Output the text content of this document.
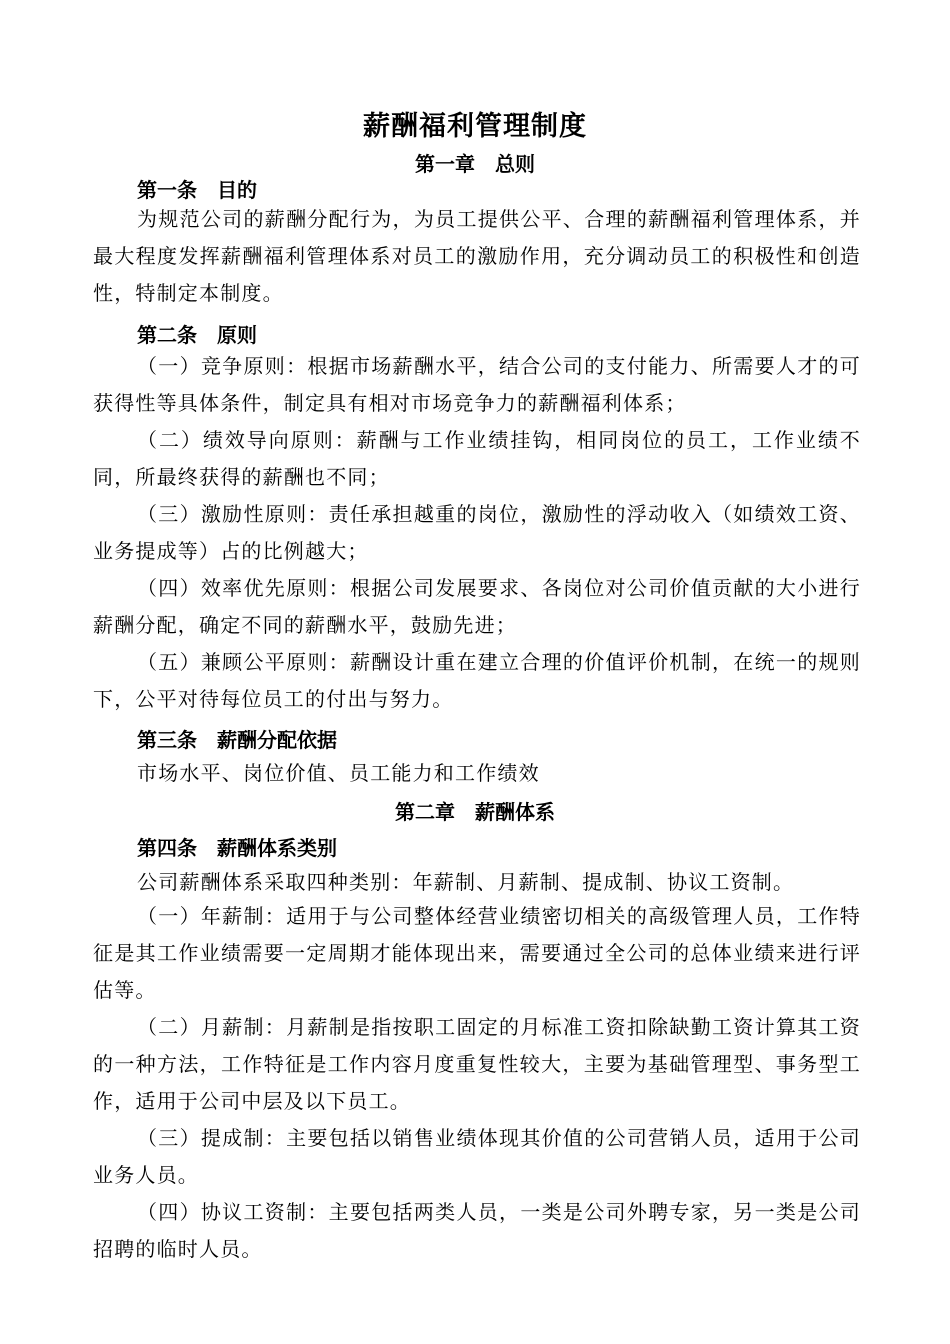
薪酬福利管理制度
第一章　总则
第一条　目的
为规范公司的薪酬分配行为，为员工提供公平、合理的薪酬福利管理体系，并最大程度发挥薪酬福利管理体系对员工的激励作用，充分调动员工的积极性和创造性，特制定本制度。
第二条　原则
（一）竞争原则：根据市场薪酬水平，结合公司的支付能力、所需要人才的可获得性等具体条件，制定具有相对市场竞争力的薪酬福利体系；
（二）绩效导向原则：薪酬与工作业绩挂钩，相同岗位的员工，工作业绩不同，所最终获得的薪酬也不同；
（三）激励性原则：责任承担越重的岗位，激励性的浮动收入（如绩效工资、业务提成等）占的比例越大；
（四）效率优先原则：根据公司发展要求、各岗位对公司价值贡献的大小进行薪酬分配，确定不同的薪酬水平，鼓励先进；
（五）兼顾公平原则：薪酬设计重在建立合理的价值评价机制，在统一的规则下，公平对待每位员工的付出与努力。
第三条　薪酬分配依据
市场水平、岗位价值、员工能力和工作绩效
第二章　薪酬体系
第四条　薪酬体系类别
公司薪酬体系采取四种类别：年薪制、月薪制、提成制、协议工资制。
（一）年薪制：适用于与公司整体经营业绩密切相关的高级管理人员，工作特征是其工作业绩需要一定周期才能体现出来，需要通过全公司的总体业绩来进行评估等。
（二）月薪制：月薪制是指按职工固定的月标准工资扣除缺勤工资计算其工资的一种方法，工作特征是工作内容月度重复性较大，主要为基础管理型、事务型工作，适用于公司中层及以下员工。
（三）提成制：主要包括以销售业绩体现其价值的公司营销人员，适用于公司业务人员。
（四）协议工资制：主要包括两类人员，一类是公司外聘专家，另一类是公司招聘的临时人员。
